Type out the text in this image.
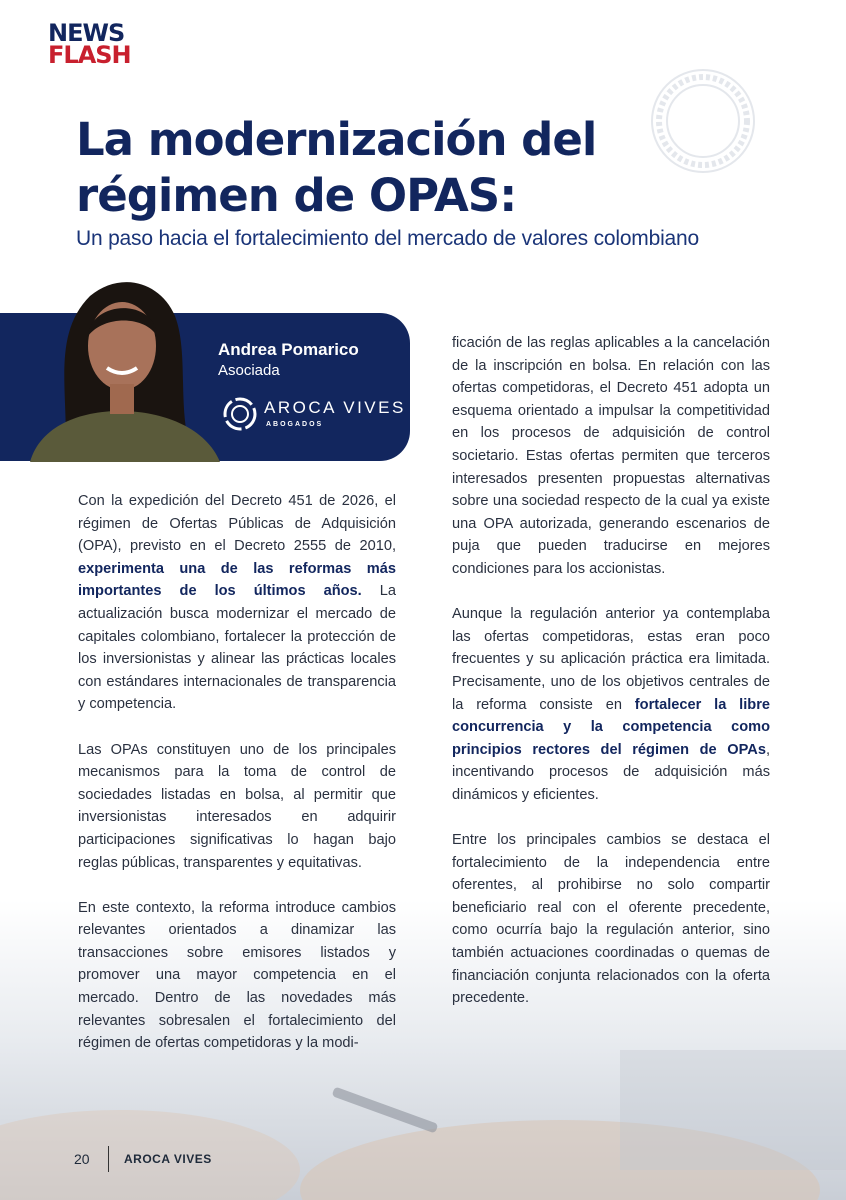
NEWS
FLASH
La modernización del
régimen de OPAS:
Un paso hacia el fortalecimiento del mercado de valores colombiano
Andrea Pomarico
Asociada
AROCA VIVES
ABOGADOS

Con la expedición del Decreto 451 de 2026, el régimen de Ofertas Públicas de Adquisición (OPA), previsto en el Decreto 2555 de 2010, experimenta una de las reformas más importantes de los últimos años. La actualización busca modernizar el mercado de capitales colombiano, fortalecer la protección de los inversionistas y alinear las prácticas locales con estándares internacionales de transparencia y competencia.

Las OPAs constituyen uno de los principales mecanismos para la toma de control de sociedades listadas en bolsa, al permitir que inversionistas interesados en adquirir participaciones significativas lo hagan bajo reglas públicas, transparentes y equitativas.

En este contexto, la reforma introduce cambios relevantes orientados a dinamizar las transacciones sobre emisores listados y promover una mayor competencia en el mercado. Dentro de las novedades más relevantes sobresalen el fortalecimiento del régimen de ofertas competidoras y la modi-

ficación de las reglas aplicables a la cancelación de la inscripción en bolsa. En relación con las ofertas competidoras, el Decreto 451 adopta un esquema orientado a impulsar la competitividad en los procesos de adquisición de control societario. Estas ofertas permiten que terceros interesados presenten propuestas alternativas sobre una sociedad respecto de la cual ya existe una OPA autorizada, generando escenarios de puja que pueden traducirse en mejores condiciones para los accionistas.

Aunque la regulación anterior ya contemplaba las ofertas competidoras, estas eran poco frecuentes y su aplicación práctica era limitada. Precisamente, uno de los objetivos centrales de la reforma consiste en fortalecer la libre concurrencia y la competencia como principios rectores del régimen de OPAs, incentivando procesos de adquisición más dinámicos y eficientes.

Entre los principales cambios se destaca el fortalecimiento de la independencia entre oferentes, al prohibirse no solo compartir beneficiario real con el oferente precedente, como ocurría bajo la regulación anterior, sino también actuaciones coordinadas o quemas de financiación conjunta relacionados con la oferta precedente.

20	AROCA VIVES
